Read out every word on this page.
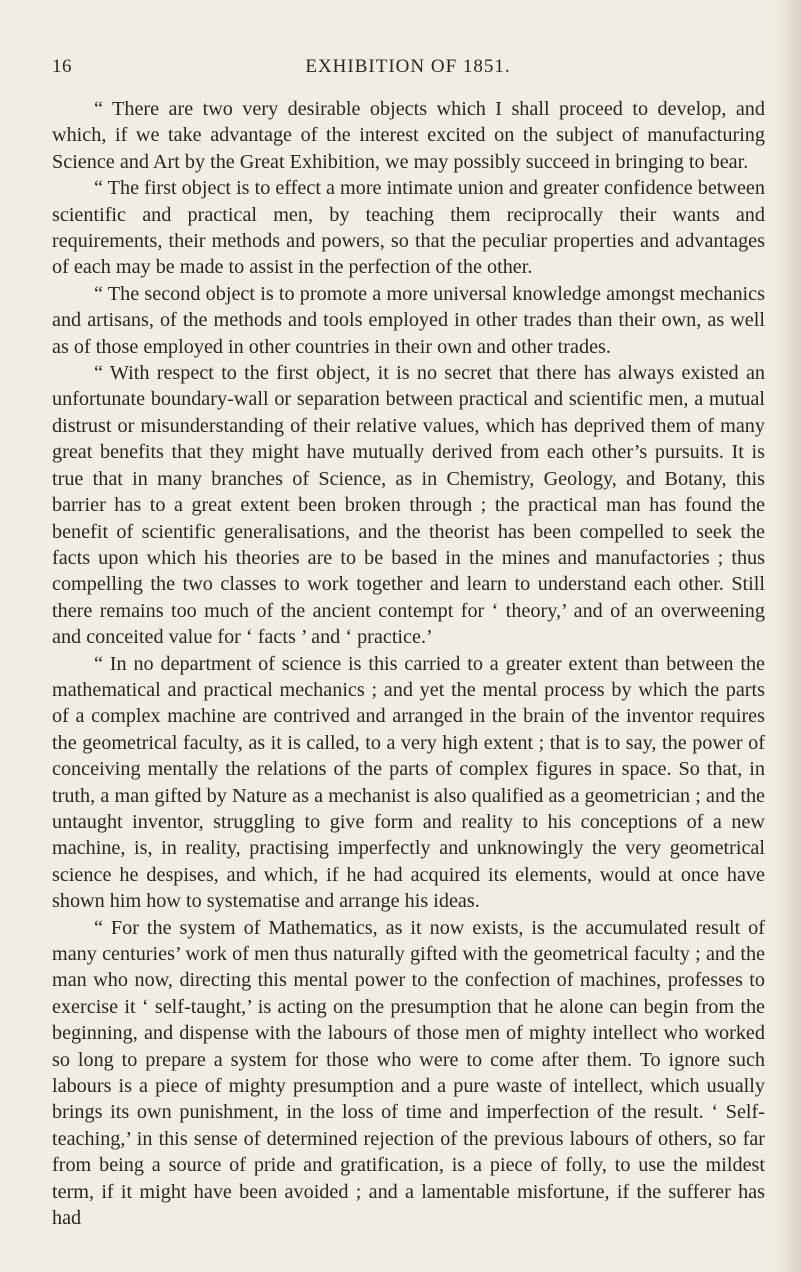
16	EXHIBITION OF 1851.

“ There are two very desirable objects which I shall proceed to develop, and which, if we take advantage of the interest excited on the subject of manufacturing Science and Art by the Great Exhibition, we may possibly succeed in bringing to bear.

“ The first object is to effect a more intimate union and greater confidence between scientific and practical men, by teaching them reciprocally their wants and requirements, their methods and powers, so that the peculiar properties and advantages of each may be made to assist in the perfection of the other.

“ The second object is to promote a more universal knowledge amongst mechanics and artisans, of the methods and tools employed in other trades than their own, as well as of those employed in other countries in their own and other trades.

“ With respect to the first object, it is no secret that there has always existed an unfortunate boundary-wall or separation between practical and scientific men, a mutual distrust or misunderstanding of their relative values, which has deprived them of many great benefits that they might have mutually derived from each other’s pursuits. It is true that in many branches of Science, as in Chemistry, Geology, and Botany, this barrier has to a great extent been broken through ; the practical man has found the benefit of scientific generalisations, and the theorist has been compelled to seek the facts upon which his theories are to be based in the mines and manufactories ; thus compelling the two classes to work together and learn to understand each other. Still there remains too much of the ancient contempt for ‘ theory,’ and of an overweening and conceited value for ‘ facts ’ and ‘ practice.’

“ In no department of science is this carried to a greater extent than between the mathematical and practical mechanics ; and yet the mental process by which the parts of a complex machine are contrived and arranged in the brain of the inventor requires the geometrical faculty, as it is called, to a very high extent ; that is to say, the power of conceiving mentally the relations of the parts of complex figures in space. So that, in truth, a man gifted by Nature as a mechanist is also qualified as a geometrician ; and the untaught inventor, struggling to give form and reality to his conceptions of a new machine, is, in reality, practising imperfectly and unknowingly the very geometrical science he despises, and which, if he had acquired its elements, would at once have shown him how to systematise and arrange his ideas.

“ For the system of Mathematics, as it now exists, is the accumulated result of many centuries’ work of men thus naturally gifted with the geometrical faculty ; and the man who now, directing this mental power to the confection of machines, professes to exercise it ‘ self-taught,’ is acting on the presumption that he alone can begin from the beginning, and dispense with the labours of those men of mighty intellect who worked so long to prepare a system for those who were to come after them. To ignore such labours is a piece of mighty presumption and a pure waste of intellect, which usually brings its own punishment, in the loss of time and imperfection of the result. ‘ Self-teaching,’ in this sense of determined rejection of the previous labours of others, so far from being a source of pride and gratification, is a piece of folly, to use the mildest term, if it might have been avoided ; and a lamentable misfortune, if the sufferer has had
